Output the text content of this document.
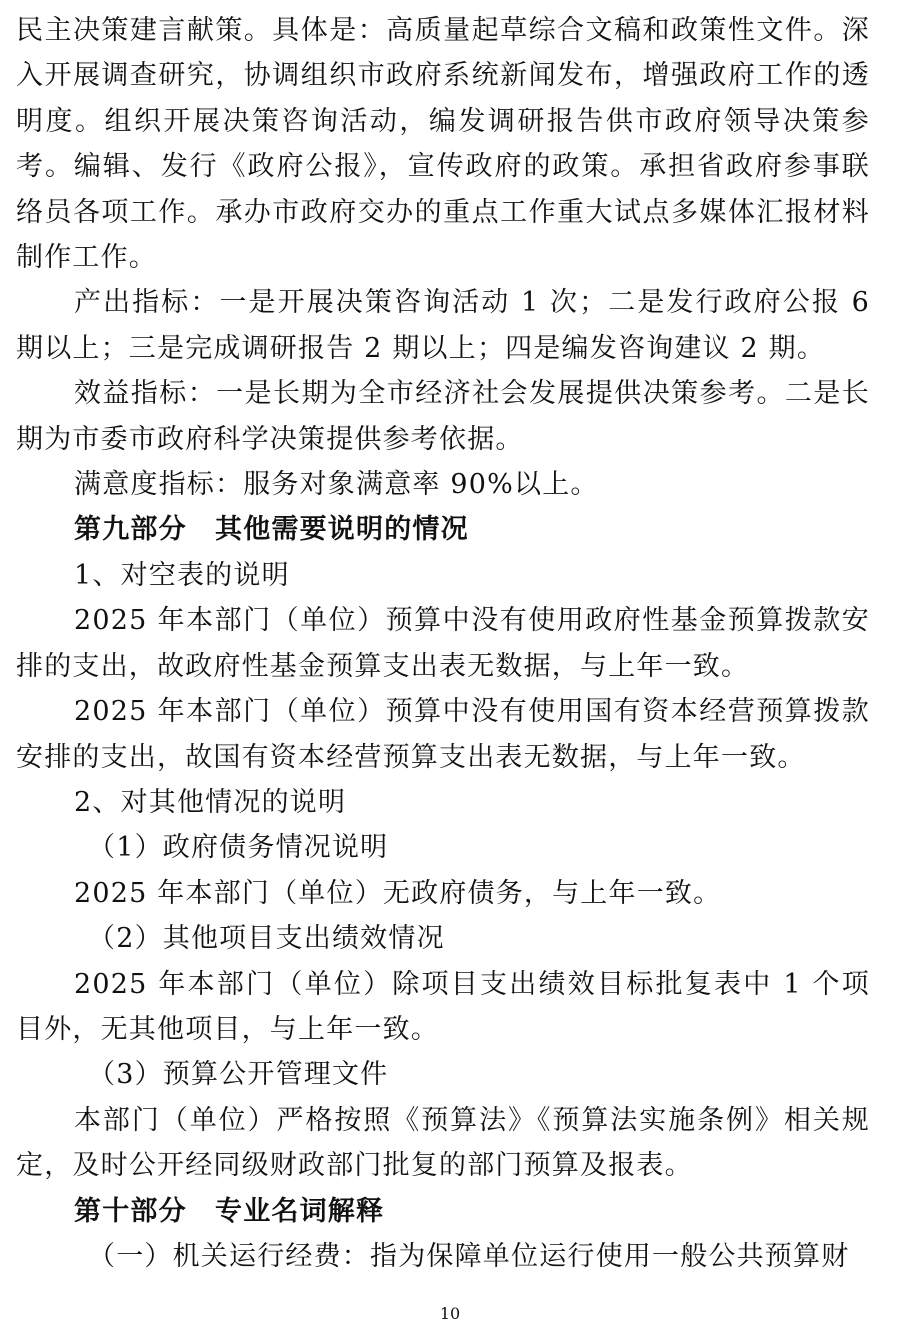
民主决策建言献策。具体是：高质量起草综合文稿和政策性文件。深入开展调查研究，协调组织市政府系统新闻发布，增强政府工作的透明度。组织开展决策咨询活动，编发调研报告供市政府领导决策参考。编辑、发行《政府公报》，宣传政府的政策。承担省政府参事联络员各项工作。承办市政府交办的重点工作重大试点多媒体汇报材料制作工作。

产出指标：一是开展决策咨询活动 1 次；二是发行政府公报 6 期以上；三是完成调研报告 2 期以上；四是编发咨询建议 2 期。

效益指标：一是长期为全市经济社会发展提供决策参考。二是长期为市委市政府科学决策提供参考依据。

满意度指标：服务对象满意率 90%以上。

第九部分　其他需要说明的情况

1、对空表的说明

2025 年本部门（单位）预算中没有使用政府性基金预算拨款安排的支出，故政府性基金预算支出表无数据，与上年一致。

2025 年本部门（单位）预算中没有使用国有资本经营预算拨款安排的支出，故国有资本经营预算支出表无数据，与上年一致。

2、对其他情况的说明

（1）政府债务情况说明

2025 年本部门（单位）无政府债务，与上年一致。

（2）其他项目支出绩效情况

2025 年本部门（单位）除项目支出绩效目标批复表中 1 个项目外，无其他项目，与上年一致。

（3）预算公开管理文件

本部门（单位）严格按照《预算法》《预算法实施条例》相关规定，及时公开经同级财政部门批复的部门预算及报表。

第十部分　专业名词解释

（一）机关运行经费：指为保障单位运行使用一般公共预算财

10
